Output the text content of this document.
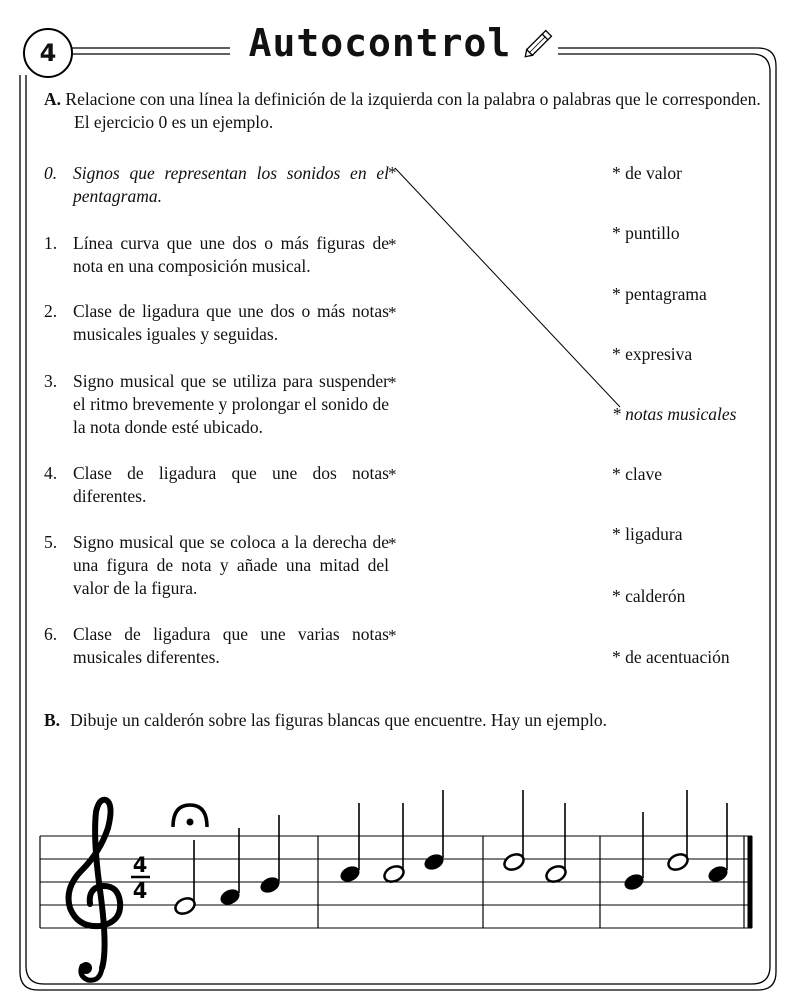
4	Autocontrol
A. Relacione con una línea la definición de la izquierda con la palabra o palabras que le corresponden. El ejercicio 0 es un ejemplo.
0. Signos que representan los sonidos en el pentagrama.
1. Línea curva que une dos o más figuras de nota en una composición musical.
2. Clase de ligadura que une dos o más notas musicales iguales y seguidas.
3. Signo musical que se utiliza para suspender el ritmo brevemente y prolongar el sonido de la nota donde esté ubicado.
4. Clase de ligadura que une dos notas diferentes.
5. Signo musical que se coloca a la derecha de una figura de nota y añade una mitad del valor de la figura.
6. Clase de ligadura que une varias notas musicales diferentes.
*
*
*
*
*
*
*
* de valor
* puntillo
* pentagrama
* expresiva
* notas musicales
* clave
* ligadura
* calderón
* de acentuación
B. Dibuje un calderón sobre las figuras blancas que encuentre. Hay un ejemplo.
4
4
